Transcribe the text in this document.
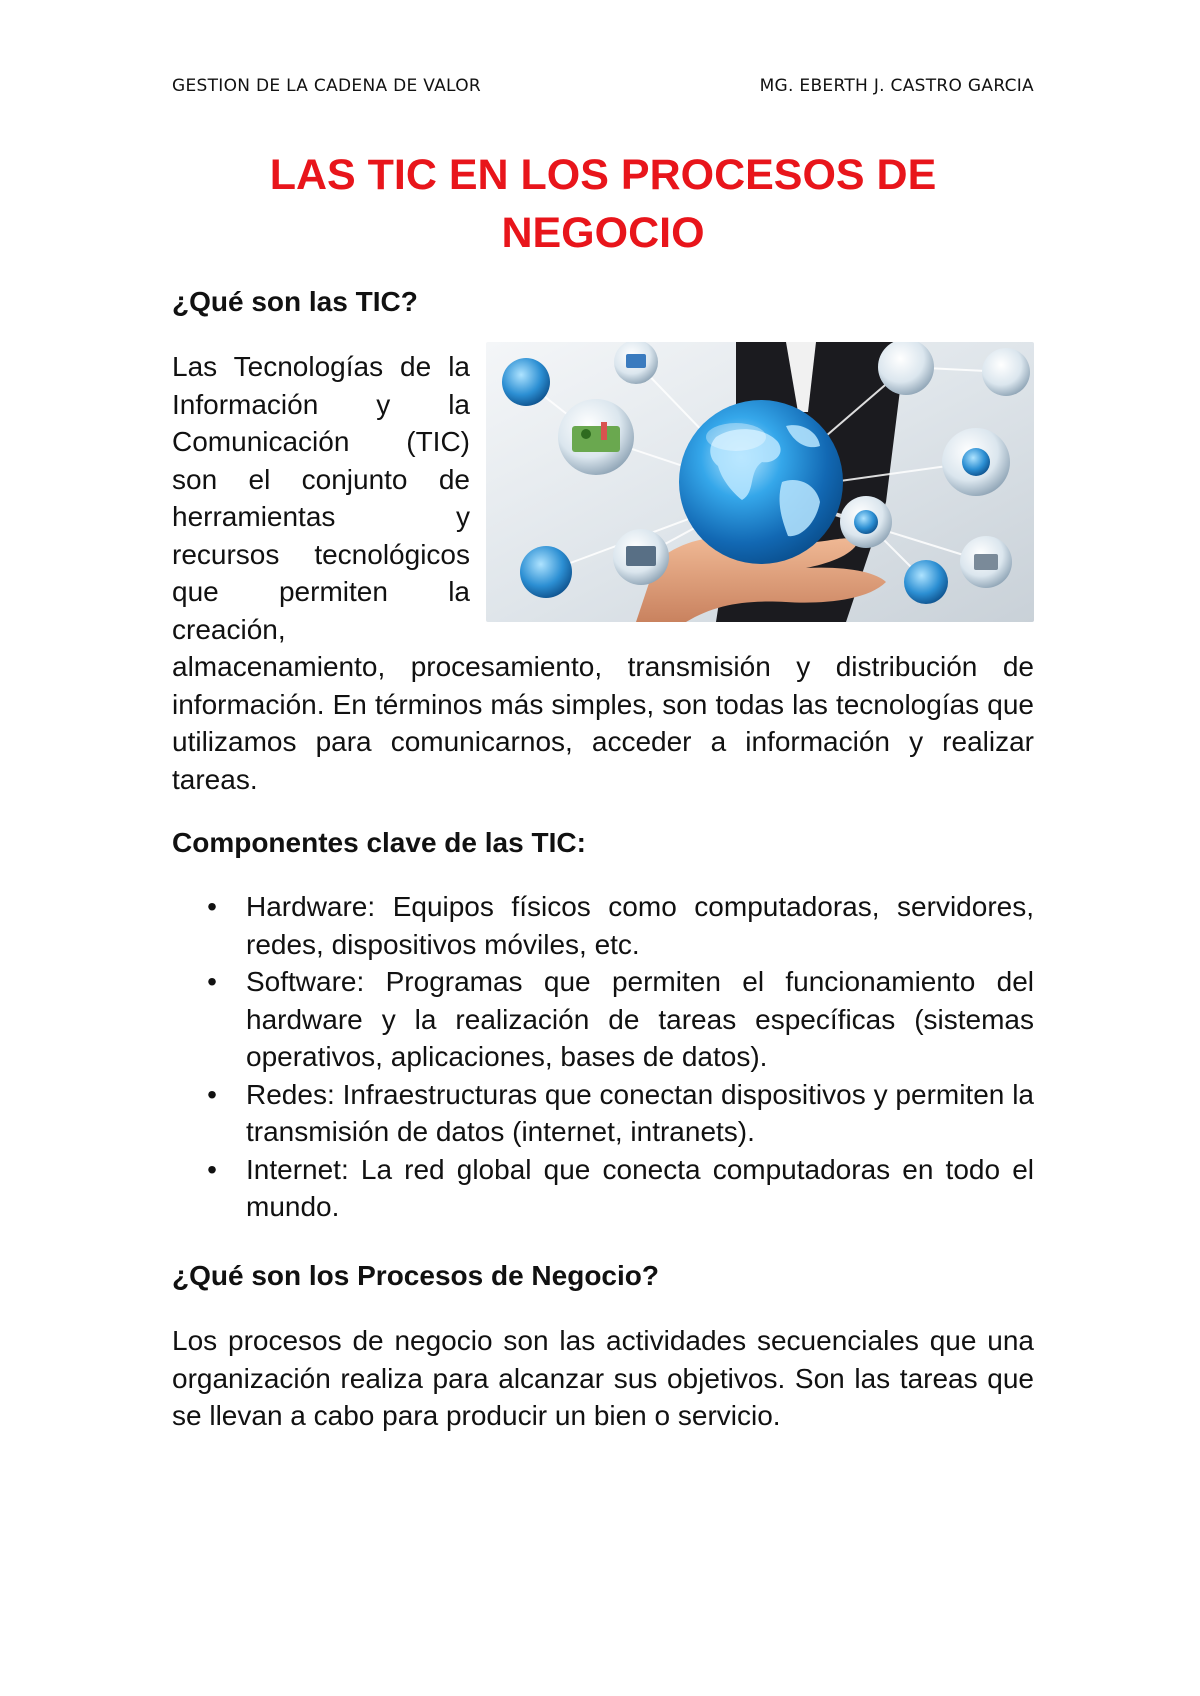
GESTION DE LA CADENA DE VALOR	MG. EBERTH J. CASTRO GARCIA
LAS TIC EN LOS PROCESOS DE
NEGOCIO
¿Qué son las TIC?

Las Tecnologías de la Información y la Comunicación (TIC) son el conjunto de herramientas y recursos tecnológicos que permiten la creación, almacenamiento, procesamiento, transmisión y distribución de información. En términos más simples, son todas las tecnologías que utilizamos para comunicarnos, acceder a información y realizar tareas.

Componentes clave de las TIC:
• Hardware: Equipos físicos como computadoras, servidores, redes, dispositivos móviles, etc.
• Software: Programas que permiten el funcionamiento del hardware y la realización de tareas específicas (sistemas operativos, aplicaciones, bases de datos).
• Redes: Infraestructuras que conectan dispositivos y permiten la transmisión de datos (internet, intranets).
• Internet: La red global que conecta computadoras en todo el mundo.
¿Qué son los Procesos de Negocio?

Los procesos de negocio son las actividades secuenciales que una organización realiza para alcanzar sus objetivos. Son las tareas que se llevan a cabo para producir un bien o servicio.
